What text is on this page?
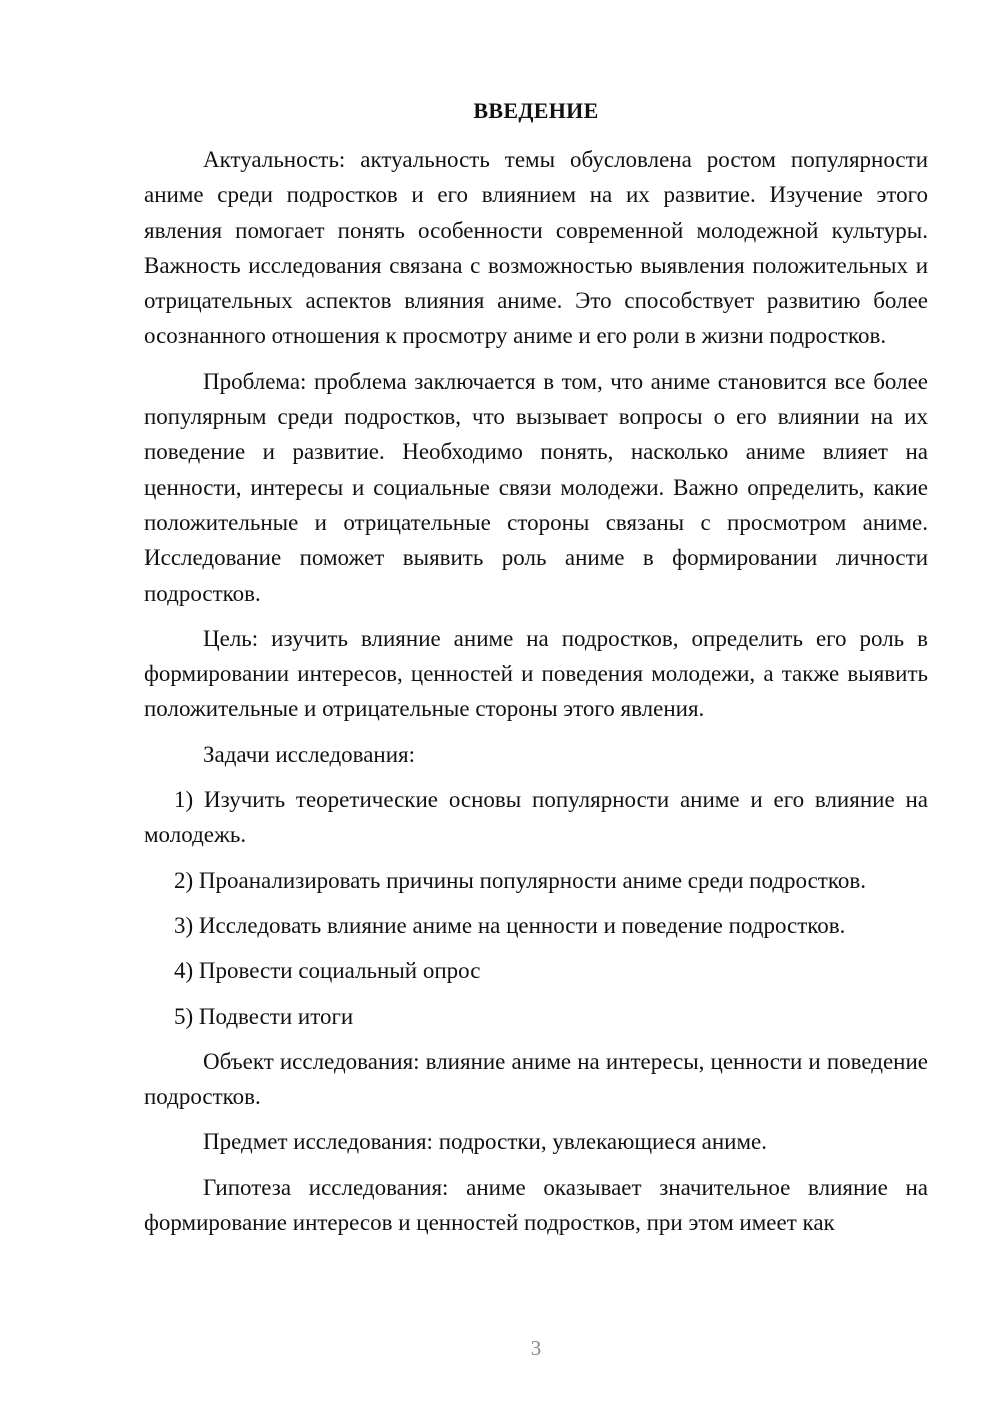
ВВЕДЕНИЕ

Актуальность: актуальность темы обусловлена ростом популярности аниме среди подростков и его влиянием на их развитие. Изучение этого явления помогает понять особенности современной молодежной культуры. Важность исследования связана с возможностью выявления положительных и отрицательных аспектов влияния аниме. Это способствует развитию более осознанного отношения к просмотру аниме и его роли в жизни подростков.

Проблема: проблема заключается в том, что аниме становится все более популярным среди подростков, что вызывает вопросы о его влиянии на их поведение и развитие. Необходимо понять, насколько аниме влияет на ценности, интересы и социальные связи молодежи. Важно определить, какие положительные и отрицательные стороны связаны с просмотром аниме. Исследование поможет выявить роль аниме в формировании личности подростков.

Цель: изучить влияние аниме на подростков, определить его роль в формировании интересов, ценностей и поведения молодежи, а также выявить положительные и отрицательные стороны этого явления.

Задачи исследования:

1) Изучить теоретические основы популярности аниме и его влияние на молодежь.

2) Проанализировать причины популярности аниме среди подростков.

3) Исследовать влияние аниме на ценности и поведение подростков.

4) Провести социальный опрос

5) Подвести итоги

Объект исследования: влияние аниме на интересы, ценности и поведение подростков.

Предмет исследования: подростки, увлекающиеся аниме.

Гипотеза исследования: аниме оказывает значительное влияние на формирование интересов и ценностей подростков, при этом имеет как

3
